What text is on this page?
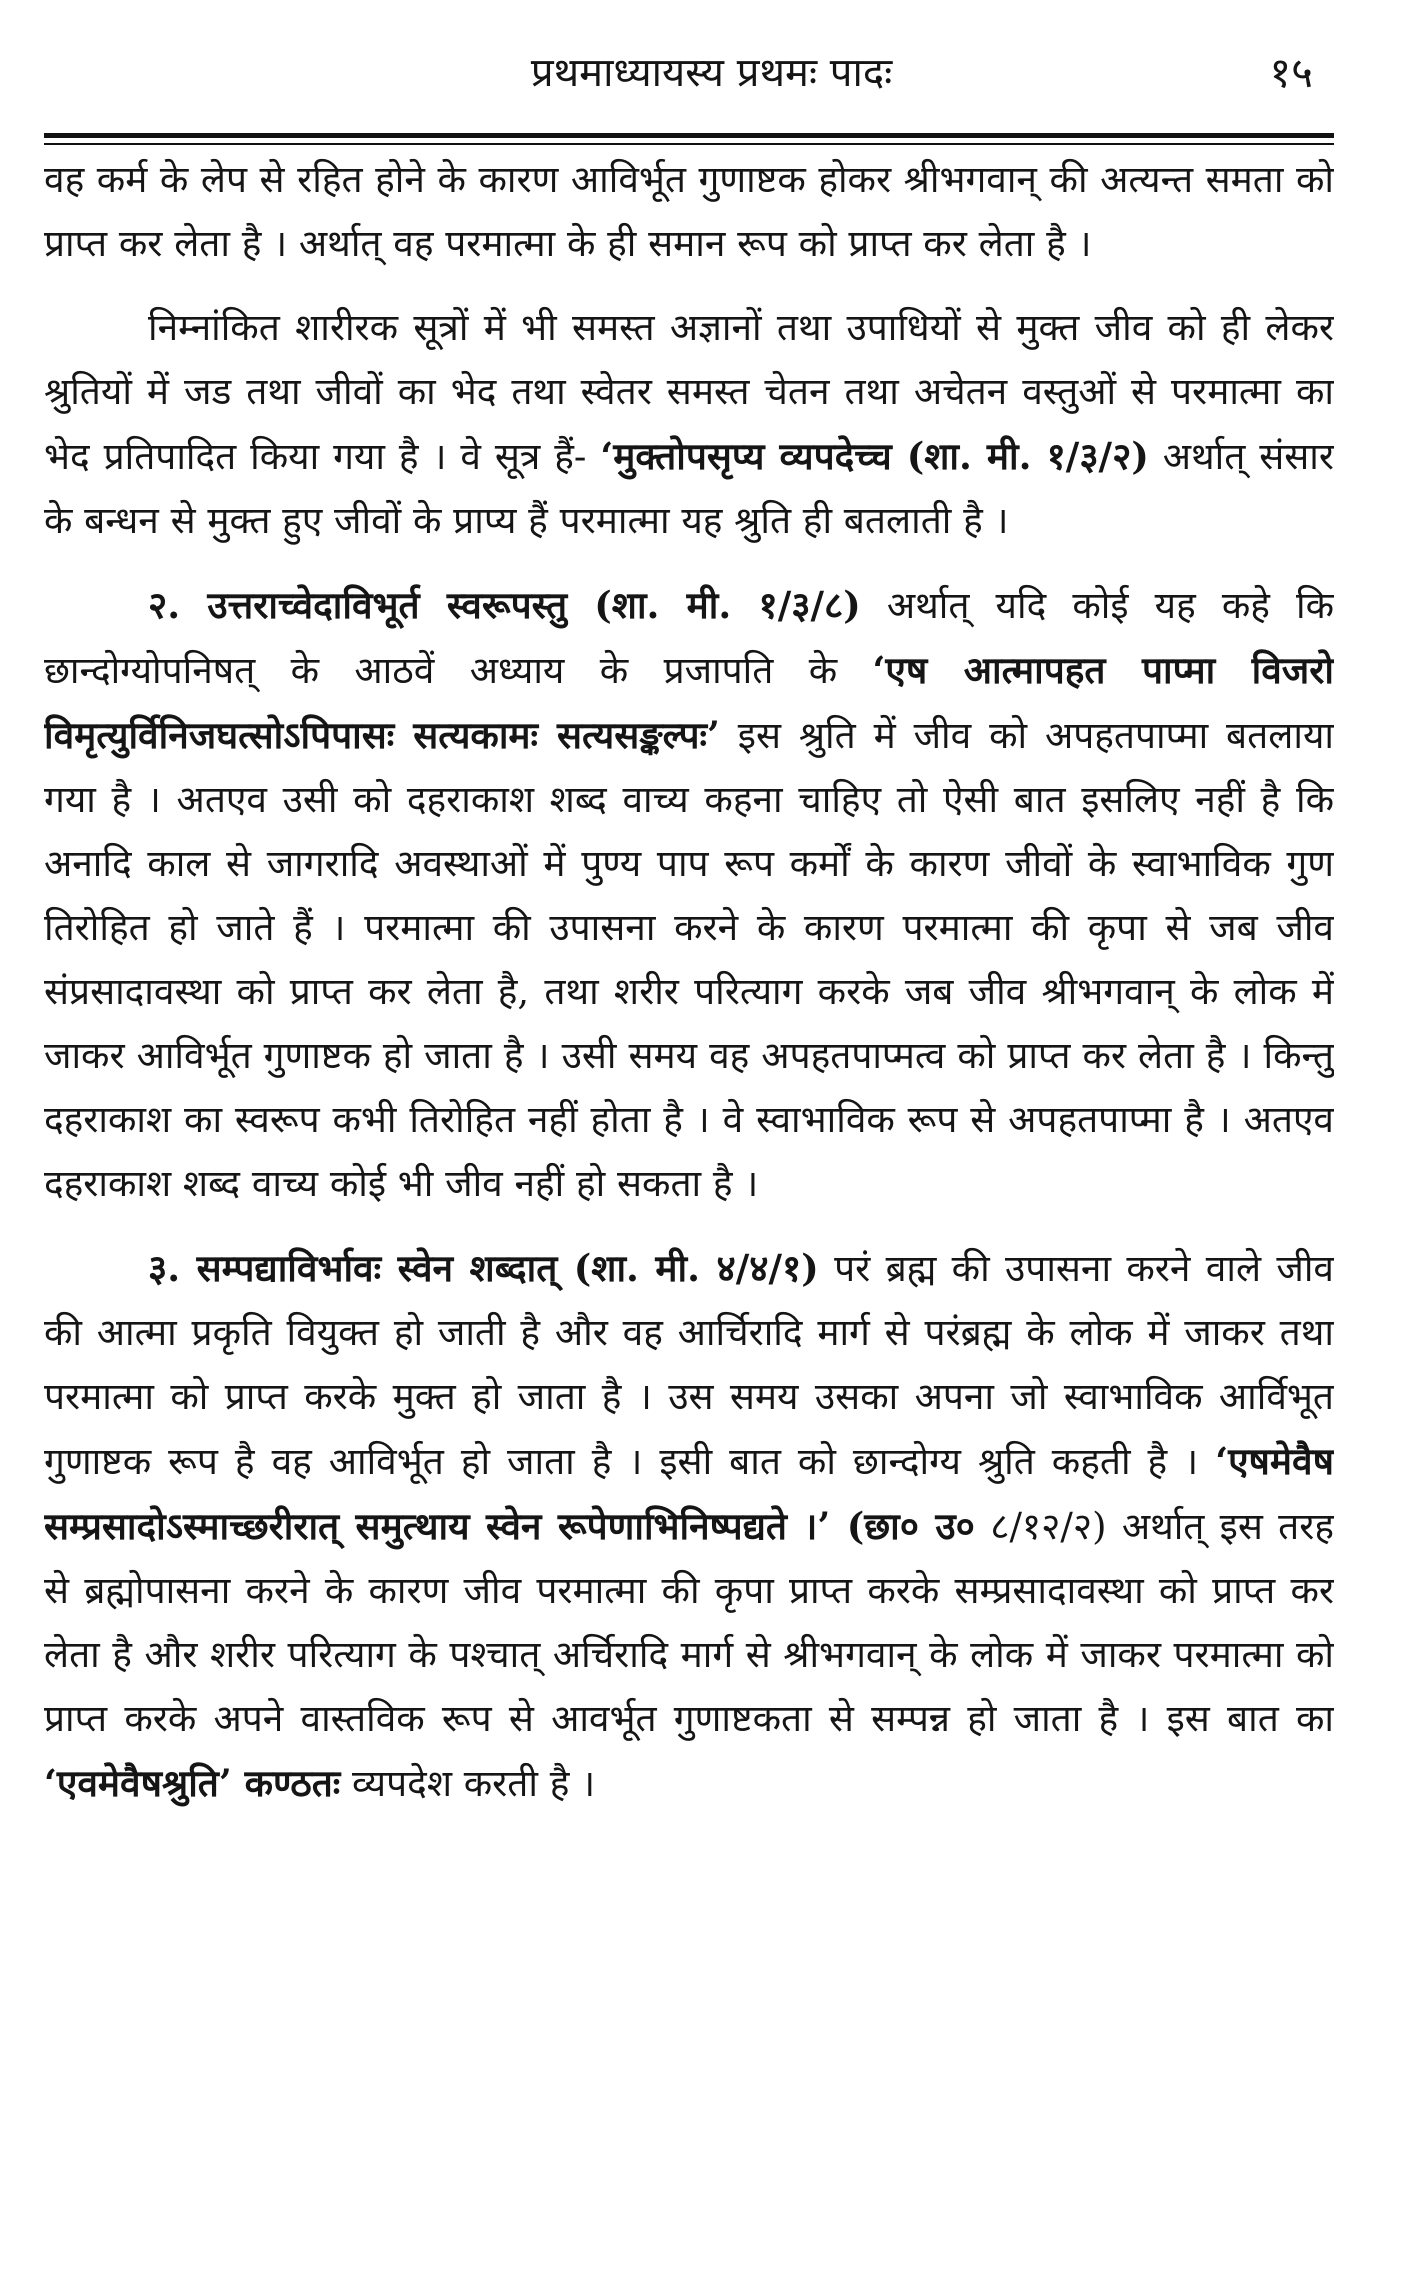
प्रथमाध्यायस्य प्रथमः पादः	१५

वह कर्म के लेप से रहित होने के कारण आविर्भूत गुणाष्टक होकर श्रीभगवान् की अत्यन्त समता को प्राप्त कर लेता है । अर्थात् वह परमात्मा के ही समान रूप को प्राप्त कर लेता है ।

निम्नांकित शारीरक सूत्रों में भी समस्त अज्ञानों तथा उपाधियों से मुक्त जीव को ही लेकर श्रुतियों में जड तथा जीवों का भेद तथा स्वेतर समस्त चेतन तथा अचेतन वस्तुओं से परमात्मा का भेद प्रतिपादित किया गया है । वे सूत्र हैं- ‘मुक्तोपसृप्य व्यपदेच्च (शा. मी. १/३/२) अर्थात् संसार के बन्धन से मुक्त हुए जीवों के प्राप्य हैं परमात्मा यह श्रुति ही बतलाती है ।

२. उत्तराच्वेदाविभूर्त स्वरूपस्तु (शा. मी. १/३/८) अर्थात् यदि कोई यह कहे कि छान्दोग्योपनिषत् के आठवें अध्याय के प्रजापति के ‘एष आत्मापहत पाप्मा विजरो विमृत्युर्विनिजघत्सोऽपिपासः सत्यकामः सत्यसङ्कल्पः’ इस श्रुति में जीव को अपहतपाप्मा बतलाया गया है । अतएव उसी को दहराकाश शब्द वाच्य कहना चाहिए तो ऐसी बात इसलिए नहीं है कि अनादि काल से जागरादि अवस्थाओं में पुण्य पाप रूप कर्मों के कारण जीवों के स्वाभाविक गुण तिरोहित हो जाते हैं । परमात्मा की उपासना करने के कारण परमात्मा की कृपा से जब जीव संप्रसादावस्था को प्राप्त कर लेता है, तथा शरीर परित्याग करके जब जीव श्रीभगवान् के लोक में जाकर आविर्भूत गुणाष्टक हो जाता है । उसी समय वह अपहतपाप्मत्व को प्राप्त कर लेता है । किन्तु दहराकाश का स्वरूप कभी तिरोहित नहीं होता है । वे स्वाभाविक रूप से अपहतपाप्मा है । अतएव दहराकाश शब्द वाच्य कोई भी जीव नहीं हो सकता है ।

३. सम्पद्याविर्भावः स्वेन शब्दात् (शा. मी. ४/४/१) परं ब्रह्म की उपासना करने वाले जीव की आत्मा प्रकृति वियुक्त हो जाती है और वह आर्चिरादि मार्ग से परंब्रह्म के लोक में जाकर तथा परमात्मा को प्राप्त करके मुक्त हो जाता है । उस समय उसका अपना जो स्वाभाविक आर्विभूत गुणाष्टक रूप है वह आविर्भूत हो जाता है । इसी बात को छान्दोग्य श्रुति कहती है । ‘एषमेवैष सम्प्रसादोऽस्माच्छरीरात् समुत्थाय स्वेन रूपेणाभिनिष्पद्यते ।’ (छा० उ० ८/१२/२) अर्थात् इस तरह से ब्रह्मोपासना करने के कारण जीव परमात्मा की कृपा प्राप्त करके सम्प्रसादावस्था को प्राप्त कर लेता है और शरीर परित्याग के पश्चात् अर्चिरादि मार्ग से श्रीभगवान् के लोक में जाकर परमात्मा को प्राप्त करके अपने वास्तविक रूप से आवर्भूत गुणाष्टकता से सम्पन्न हो जाता है । इस बात का ‘एवमेवैषश्रुति’ कण्ठतः व्यपदेश करती है ।
